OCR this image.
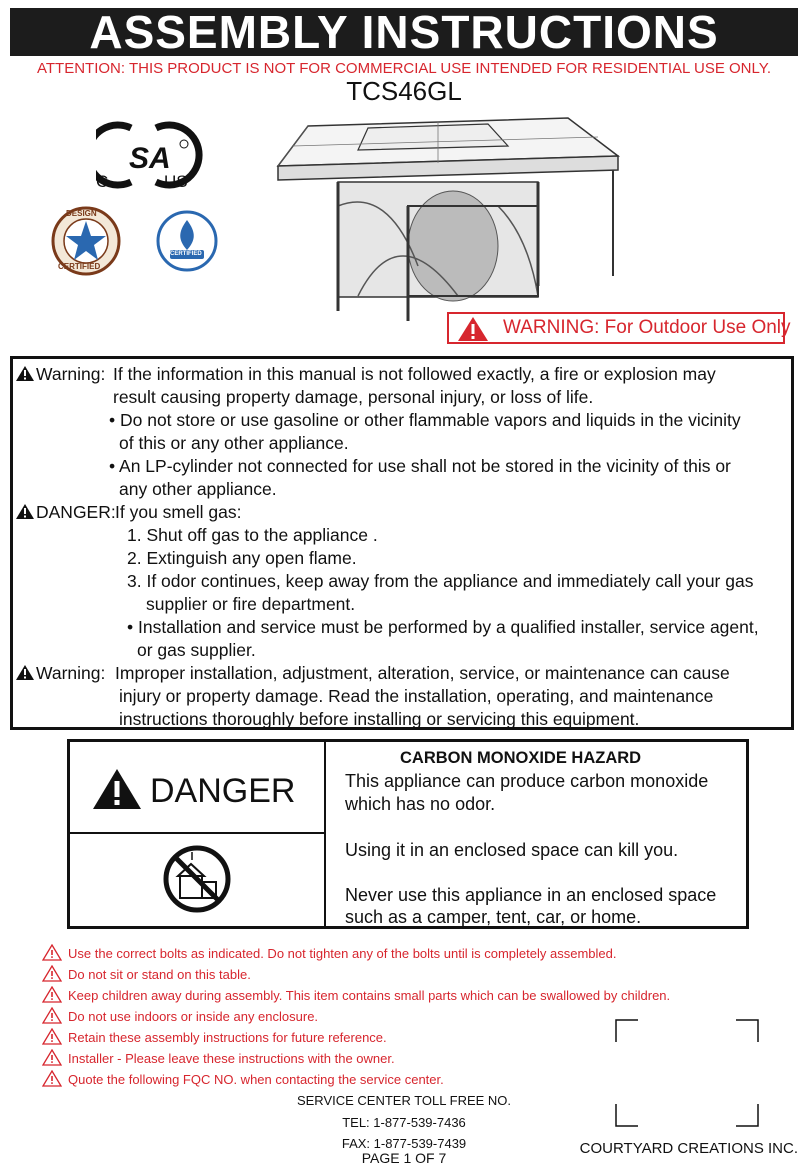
ASSEMBLY INSTRUCTIONS
ATTENTION: THIS PRODUCT IS NOT FOR COMMERCIAL USE INTENDED FOR RESIDENTIAL USE ONLY.
TCS46GL
SA
C	US
DESIGN
CERTIFIED
CERTIFIED
WARNING: For Outdoor Use Only
Warning: If the information in this manual is not followed exactly, a fire or explosion may
result causing property damage, personal injury, or loss of life.
• Do not store or use gasoline or other flammable vapors and liquids in the vicinity
of this or any other appliance.
• An LP-cylinder not connected for use shall not be stored in the vicinity of this or
any other appliance.
DANGER: If you smell gas:
1. Shut off gas to the appliance .
2. Extinguish any open flame.
3. If odor continues, keep away from the appliance and immediately call your gas
supplier or fire department.
• Installation and service must be performed by a qualified installer, service agent,
or gas supplier.
Warning: Improper installation, adjustment, alteration, service, or maintenance can cause
injury or property damage. Read the installation, operating, and maintenance
instructions thoroughly before installing or servicing this equipment.
DANGER
CARBON MONOXIDE HAZARD
This appliance can produce carbon monoxide
which has no odor.
Using it in an enclosed space can kill you.
Never use this appliance in an enclosed space
such as a camper, tent, car, or home.
Use the correct bolts as indicated. Do not tighten any of the bolts until is completely assembled.
Do not sit or stand on this table.
Keep children away during assembly. This item contains small parts which can be swallowed by children.
Do not use indoors or inside any enclosure.
Retain these assembly instructions for future reference.
Installer - Please leave these instructions with the owner.
Quote the following FQC NO. when contacting the service center.
SERVICE CENTER TOLL FREE NO.
TEL: 1-877-539-7436
FAX: 1-877-539-7439	COURTYARD CREATIONS INC.
PAGE 1 OF 7
